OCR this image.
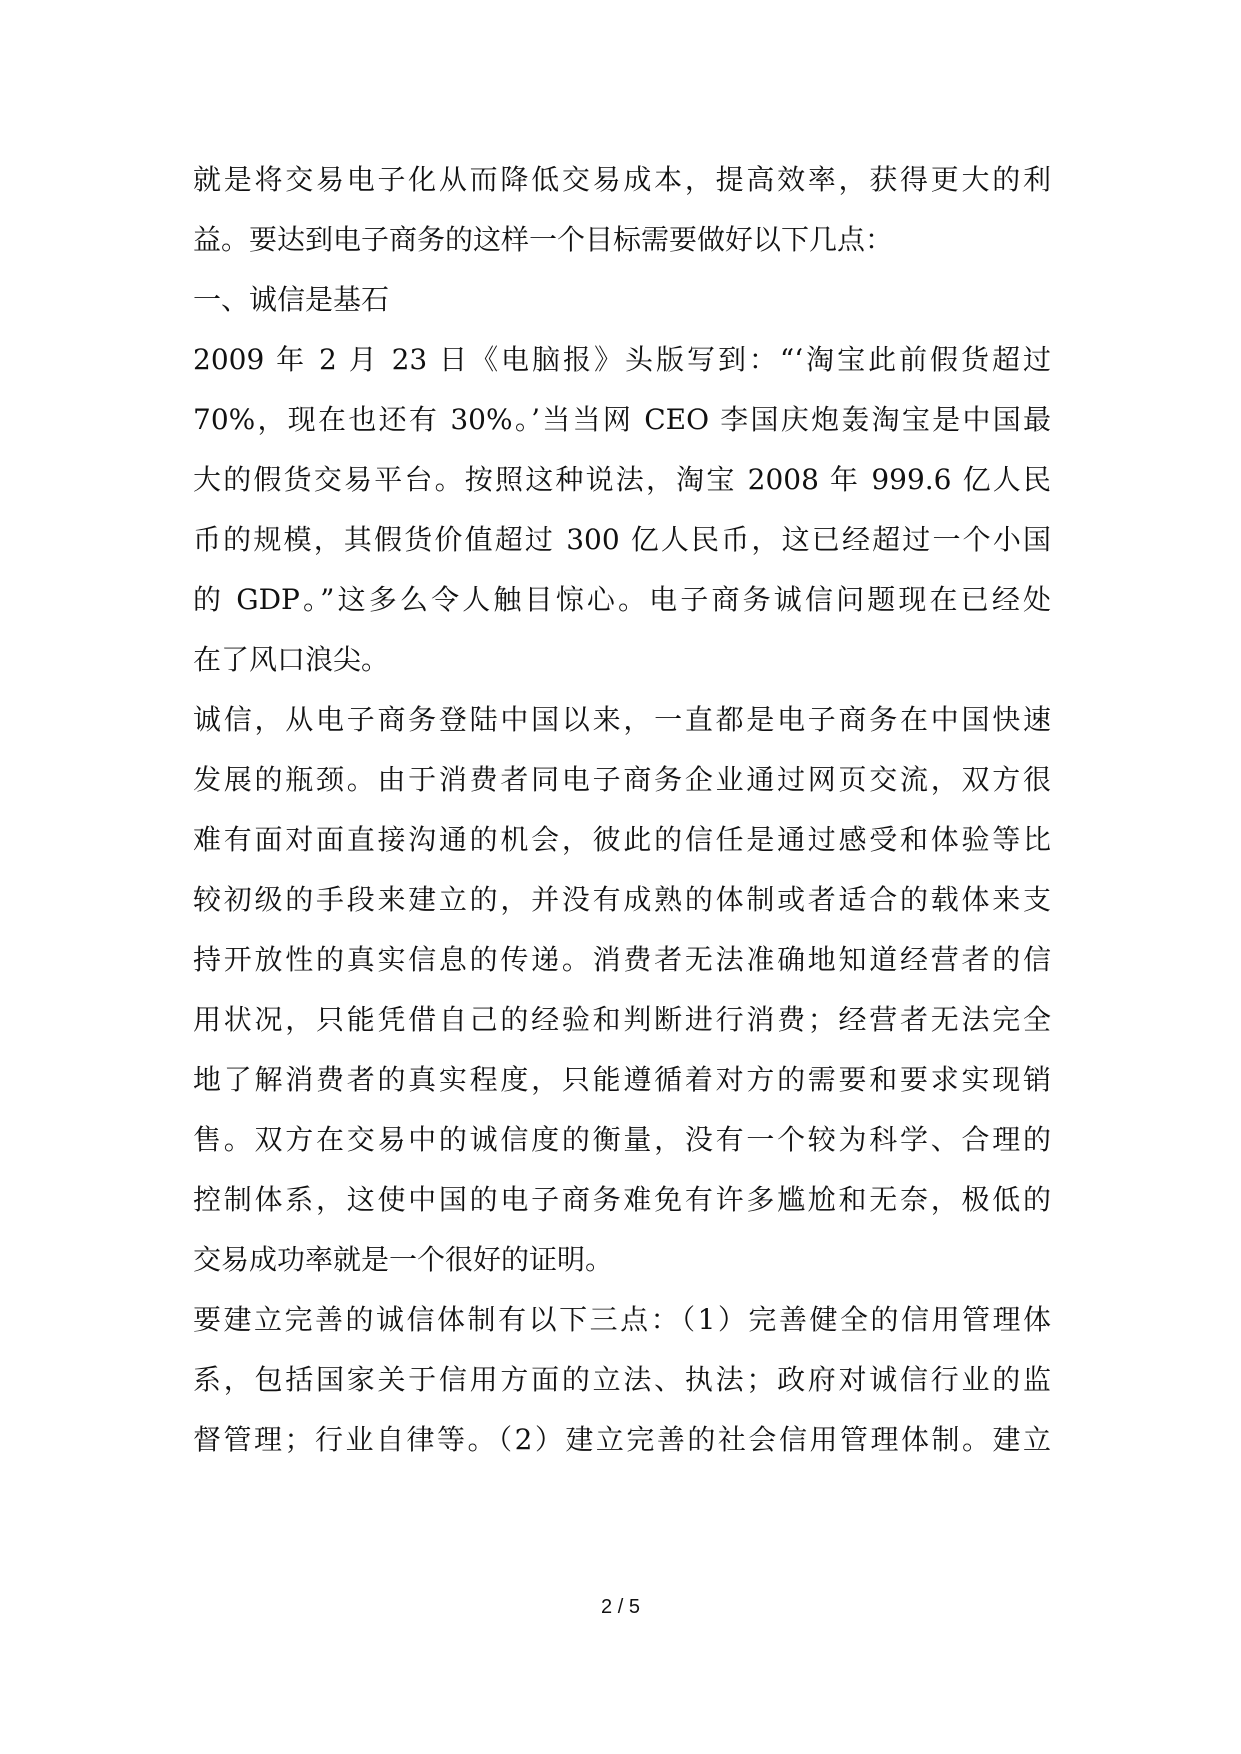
就是将交易电子化从而降低交易成本，提高效率，获得更大的利
益。要达到电子商务的这样一个目标需要做好以下几点：
一、诚信是基石
2009 年 2 月 23 日《电脑报》头版写到：“‘淘宝此前假货超过
70%，现在也还有 30%。’当当网 CEO 李国庆炮轰淘宝是中国最
大的假货交易平台。按照这种说法，淘宝 2008 年 999.6 亿人民
币的规模，其假货价值超过 300 亿人民币，这已经超过一个小国
的 GDP。”这多么令人触目惊心。电子商务诚信问题现在已经处
在了风口浪尖。
诚信，从电子商务登陆中国以来，一直都是电子商务在中国快速
发展的瓶颈。由于消费者同电子商务企业通过网页交流，双方很
难有面对面直接沟通的机会，彼此的信任是通过感受和体验等比
较初级的手段来建立的，并没有成熟的体制或者适合的载体来支
持开放性的真实信息的传递。消费者无法准确地知道经营者的信
用状况，只能凭借自己的经验和判断进行消费；经营者无法完全
地了解消费者的真实程度，只能遵循着对方的需要和要求实现销
售。双方在交易中的诚信度的衡量，没有一个较为科学、合理的
控制体系，这使中国的电子商务难免有许多尴尬和无奈，极低的
交易成功率就是一个很好的证明。
要建立完善的诚信体制有以下三点：（1）完善健全的信用管理体
系，包括国家关于信用方面的立法、执法；政府对诚信行业的监
督管理；行业自律等。（2）建立完善的社会信用管理体制。建立
2 / 5
